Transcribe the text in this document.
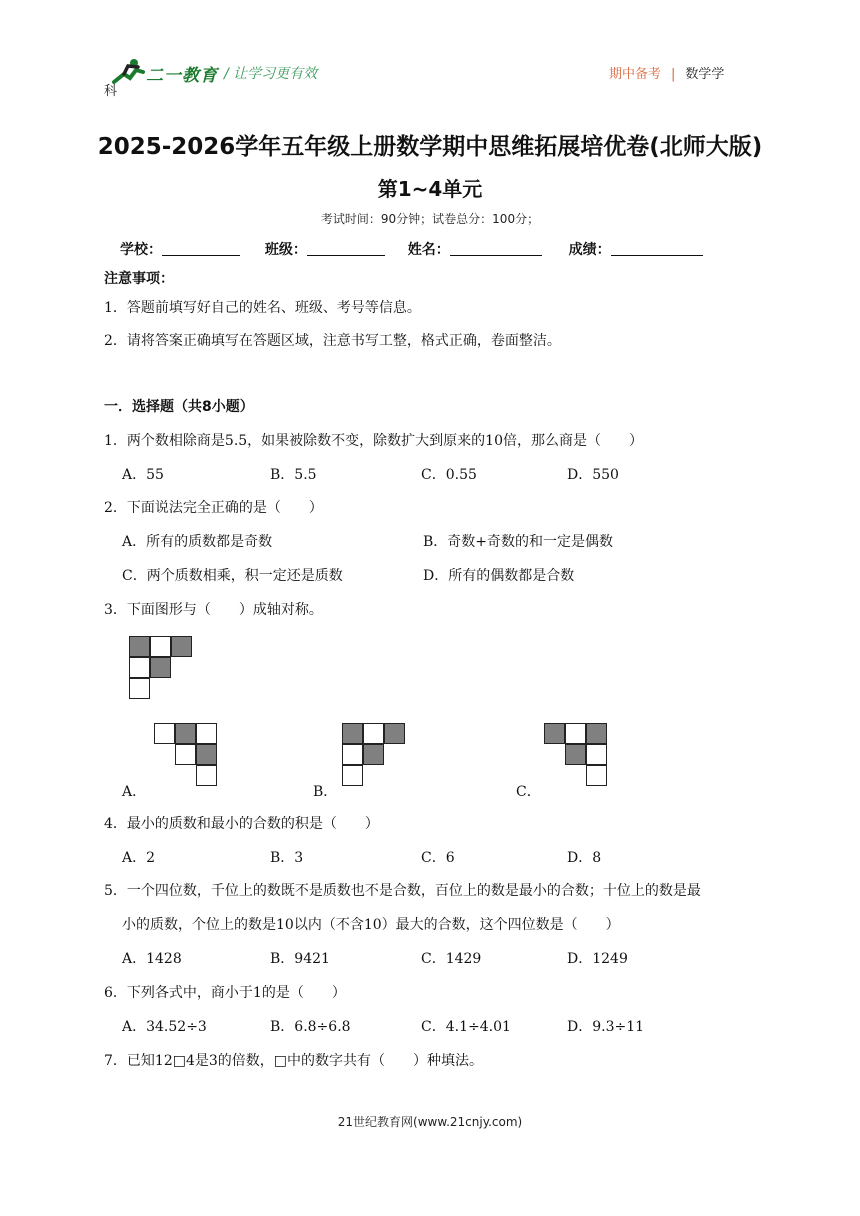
二一教育
科
/ 让学习更有效	期中备考 | 数学学
2025-2026学年五年级上册数学期中思维拓展培优卷(北师大版)
第1~4单元
考试时间：90分钟；试卷总分：100分；
学校：	班级：	姓名：	成绩：
注意事项：
1．答题前填写好自己的姓名、班级、考号等信息。
2．请将答案正确填写在答题区域，注意书写工整，格式正确，卷面整洁。
一．选择题（共8小题）
1．两个数相除商是5.5，如果被除数不变，除数扩大到原来的10倍，那么商是（　　）
A．55	B．5.5	C．0.55	D．550
2．下面说法完全正确的是（　　）
A．所有的质数都是奇数	B．奇数+奇数的和一定是偶数
C．两个质数相乘，积一定还是质数	D．所有的偶数都是合数
3．下面图形与（　　）成轴对称。
A．	B．	C．
4．最小的质数和最小的合数的积是（　　）
A．2	B．3	C．6	D．8
5．一个四位数，千位上的数既不是质数也不是合数，百位上的数是最小的合数；十位上的数是最
小的质数，个位上的数是10以内（不含10）最大的合数，这个四位数是（　　）
A．1428	B．9421	C．1429	D．1249
6．下列各式中，商小于1的是（　　）
A．34.52÷3	B．6.8÷6.8	C．4.1÷4.01	D．9.3÷11
7．已知12□4是3的倍数，□中的数字共有（　　）种填法。
21世纪教育网(www.21cnjy.com)
